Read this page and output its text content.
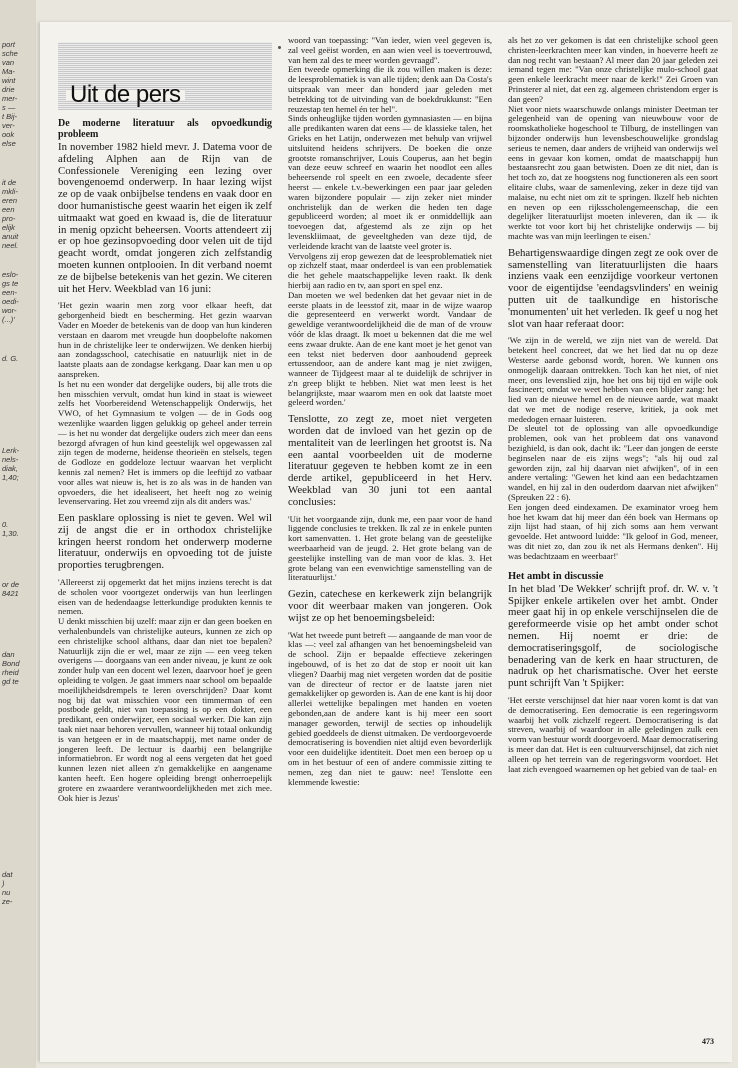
port
sche
van
Ma-
wint
drie
mer-
s —
t Bij-
ver-
ook
else
it de
mkli-
eren
een
pro-
elijk
anuit
neel.
eslo-
gs te
een-
oedi-
wor-
(...)'
d. G.
Lerk-
nels-
diak,
1,40;
0.
1,30.
or de
8421
dan
Bond
rheid
gd te
dat
)
nu
ze-
Uit de pers
De moderne literatuur als opvoedkundig probleem

In november 1982 hield mevr. J. Datema voor de afdeling Alphen aan de Rijn van de Confessionele Vereniging een lezing over bovengenoemd onderwerp. In haar lezing wijst ze op de vaak onbijbelse tendens en vaak door en door humanistische geest waarin het eigen ik zelf uitmaakt wat goed en kwaad is, die de literatuur in menig opzicht beheersen. Voorts attendeert zij er op hoe gezinsopvoeding door velen uit de tijd geacht wordt, omdat jongeren zich zelfstandig moeten kunnen ontplooien. In dit verband noemt ze de bijbelse betekenis van het gezin. We citeren uit het Herv. Weekblad van 16 juni:

'Het gezin waarin men zorg voor elkaar heeft, dat geborgenheid biedt en bescherming. Het gezin waarvan Vader en Moeder de betekenis van de doop van hun kinderen verstaan en daarom met vreugde hun doopbelofte nakomen hun in de christelijke leer te onderwijzen. We denken hierbij aan zondagsschool, catechisatie en natuurlijk niet in de laatste plaats aan de zondagse kerkgang. Daar kan men u op aanspreken.
Is het nu een wonder dat dergelijke ouders, bij alle trots die hen misschien vervult, omdat hun kind in staat is wieweet zelfs het Voorbereidend Wetenschappelijk Onderwijs, het VWO, of het Gymnasium te volgen — de in Gods oog wezenlijke waarden liggen gelukkig op geheel ander terrein — is het nu wonder dat dergelijke ouders zich meer dan eens bezorgd afvragen of hun kind geestelijk wel opgewassen zal zijn tegen de moderne, heidense theorieën en stelsels, tegen de Godloze en goddeloze lectuur waarvan het verplicht kennis zal nemen? Het is immers op die leeftijd zo vatbaar voor alles wat nieuw is, het is zo als was in de handen van opvoeders, die het idealiseert, het heeft nog zo weinig levenservaring. Het zou vreemd zijn als dit anders was.'

Een pasklare oplossing is niet te geven. Wel wil zij de angst die er in orthodox christelijke kringen heerst rondom het onderwerp moderne literatuur, onderwijs en opvoeding tot de juiste proporties terugbrengen.

'Allereerst zij opgemerkt dat het mijns inziens terecht is dat de scholen voor voortgezet onderwijs van hun leerlingen eisen van de hedendaagse letterkundige produkten kennis te nemen.
U denkt misschien bij uzelf: maar zijn er dan geen boeken en verhalenbundels van christelijke auteurs, kunnen ze zich op een christelijke school althans, daar dan niet toe bepalen? Natuurlijk zijn die er wel, maar ze zijn — een veeg teken overigens — doorgaans van een ander niveau, je kunt ze ook zonder hulp van een docent wel lezen, daarvoor hoef je geen opleiding te volgen. Je gaat immers naar school om bepaalde moeilijkheidsdrempels te leren overschrijden? Daar komt nog bij dat wat misschien voor een timmerman of een postbode geldt, niet van toepassing is op een dokter, een predikant, een onderwijzer, een sociaal werker. Die kan zijn taak niet naar behoren vervullen, wanneer hij totaal onkundig is van hetgeen er in de maatschappij, met name onder de jongeren leeft. De lectuur is daarbij een belangrijke informatiebron. Er wordt nog al eens vergeten dat het goed kunnen lezen niet alleen z'n gemakkelijke en aangename kanten heeft. Een hogere opleiding brengt onherroepelijk grotere en zwaardere verantwoordelijkheden met zich mee. Ook hier is Jezus'

woord van toepassing: "Van ieder, wien veel gegeven is, zal veel geëist worden, en aan wien veel is toevertrouwd, van hem zal des te meer worden gevraagd".
Een tweede opmerking die ik zou willen maken is deze: de leesproblematiek is van alle tijden; denk aan Da Costa's uitspraak van meer dan honderd jaar geleden met betrekking tot de uitvinding van de boekdrukkunst: "Een reuzestap ten hemel én ter hel".
Sinds onheuglijke tijden worden gymnasiasten — en bijna alle predikanten waren dat eens — de klassieke talen, het Grieks en het Latijn, onderwezen met behulp van vrijwel uitsluitend heidens schrijvers. De boeken die onze grootste romanschrijver, Louis Couperus, aan het begin van deze eeuw schreef en waarin het noodlot een alles beheersende rol speelt en een zwoele, decadente sfeer heerst — enkele t.v.-bewerkingen een paar jaar geleden waren bijzondere populair — zijn zeker niet minder onchristelijk dan de werken die heden ten dage gepubliceerd worden; al moet ik er onmiddellijk aan toevoegen dat, afgestemd als ze zijn op het levenskliimaat, de geveeltgheden van deze tijd, de verleidende kracht van de laatste veel groter is.
Vervolgens zij erop gewezen dat de leesproblematiek niet op zichzelf staat, maar onderdeel is van een problematiek die het gehele maatschappelijke leven raakt. Ik denk hierbij aan radio en tv, aan sport en spel enz.
Dan moeten we wel bedenken dat het gevaar niet in de eerste plaats in de leesstof zit, maar in de wijze waarop die gepresenteerd en verwerkt wordt. Vandaar de geweldige verantwoordelijkheid die de man of de vrouw vóór de klas draagt. Ik moet u bekennen dat die me wel eens zwaar drukte. Aan de ene kant moet je het genot van een tekst niet bederven door aanhoudend gepreek ertussendoor, aan de andere kant mag je niet zwijgen, wanneer de Tijdgeest maar al te duidelijk de schrijver in z'n greep blijkt te hebben. Niet wat men leest is het belangrijkste, maar waarom men en ook dat laatste moet geleerd worden.'

Tenslotte, zo zegt ze, moet niet vergeten worden dat de invloed van het gezin op de mentaliteit van de leerlingen het grootst is. Na een aantal voorbeelden uit de moderne literatuur gegeven te hebben komt ze in een derde artikel, gepubliceerd in het Herv. Weekblad van 30 juni tot een aantal conclusies:

'Uit het voorgaande zijn, dunk me, een paar voor de hand liggende conclusies te trekken. Ik zal ze in enkele punten kort samenvatten. 1. Het grote belang van de geestelijke weerbaarheid van de jeugd. 2. Het grote belang van de geestelijke instelling van de man voor de klas. 3. Het grote belang van een evenwichtige samenstelling van de literatuurlijst.'

Gezin, catechese en kerkewerk zijn belangrijk voor dit weerbaar maken van jongeren. Ook wijst ze op het benoemingsbeleid:

'Wat het tweede punt betreft — aangaande de man voor de klas —: veel zal afhangen van het benoemingsbeleid van de school. Zijn er bepaalde effectieve zekeringen ingebouwd, of is het zo dat de stop er nooit uit kan vliegen? Daarbij mag niet vergeten worden dat de positie van de directeur of rector er de laatste jaren niet gemakkelijker op geworden is. Aan de ene kant is hij door allerlei wettelijke bepalingen met handen en voeten gebonden,aan de andere kant is hij meer een soort manager geworden, terwijl de secties op inhoudelijk gebied goeddeels de dienst uitmaken. De verdoorgevoerde democratisering is bovendien niet altijd even bevorderlijk voor een duidelijke identiteit. Doet men een beroep op u om in het bestuur of een of andere commissie zitting te nemen, zeg dan niet te gauw: nee! Tenslotte een klemmende kwestie:

als het zo ver gekomen is dat een christelijke school geen christen-leerkrachten meer kan vinden, in hoeverre heeft ze dan nog recht van bestaan? Al meer dan 20 jaar geleden zei iemand tegen me: "Van onze christelijke mulo-school gaat geen enkele leerkracht meer naar de kerk!" Zei Groen van Prinsterer al niet, dat een zg. algemeen christendom erger is dan geen?
Niet voor niets waarschuwde onlangs minister Deetman ter gelegenheid van de opening van nieuwbouw voor de roomskatholieke hogeschool te Tilburg, de instellingen van bijzonder onderwijs hun levensbeschouwelijke grondslag serieus te nemen, daar anders de vrijheid van onderwijs wel eens in gevaar kon komen, omdat de maatschappij hun bestaansrecht zou gaan betwisten. Doen ze dit niet, dan is het toch zo, dat ze hoogstens nog functioneren als een soort elitaire clubs, waar de samenleving, zeker in deze tijd van malaise, nu echt niet om zit te springen. Ikzelf heb nichten en neven op een rijksscholengemeenschap, die een degelijker literatuurlijst moeten inleveren, dan ik — ik werkte tot voor kort bij het christelijke onderwijs — bij machte was van mijn leerlingen te eisen.'

Behartigenswaardige dingen zegt ze ook over de samenstelling van literatuurlijsten die haars inziens vaak een eenzijdige voorkeur vertonen voor de eigentijdse 'eendagsvlinders' en weinig putten uit de taalkundige en historische 'monumenten' uit het verleden. Ik geef u nog het slot van haar referaat door:

'We zijn in de wereld, we zijn niet van de wereld. Dat betekent heel concreet, dat we het lied dat nu op deze Westerse aarde gebonsd wordt, horen. We kunnen ons onmogelijk daaraan onttrekken. Toch kan het niet, of niet meer, ons levenslied zijn, hoe het ons bij tijd en wijle ook fascineert; omdat we weet hebben van een blijder zang: het lied van de nieuwe hemel en de nieuwe aarde, wat maakt dat we met de nodige reserve, kritiek, ja ook met mededogen ernaar luisteren.
De sleutel tot de oplossing van alle opvoedkundige problemen, ook van het probleem dat ons vanavond bezighield, is dan ook, dacht ik: "Leer dan jongen de eerste beginselen naar de eis zijns wegs"; "als hij oud zal geworden zijn, zal hij daarvan niet afwijken", of in een andere vertaling: "Gewen het kind aan een bedachtzamen wandel, en hij zal in den ouderdom daarvan niet afwijken" (Spreuken 22 : 6).
Een jongen deed eindexamen. De examinator vroeg hem hoe het kwam dat hij meer dan één boek van Hermans op zijn lijst had staan, of hij zich soms aan hem verwant gevoelde. Het antwoord luidde: "Ik geloof in God, meneer, was dit niet zo, dan zou ik net als Hermans denken". Hij was bedachtzaam en weerbaar!'

Het ambt in discussie

In het blad 'De Wekker' schrijft prof. dr. W. v. 't Spijker enkele artikelen over het ambt. Onder meer gaat hij in op enkele verschijnselen die de gereformeerde visie op het ambt onder schot nemen. Hij noemt er drie: de democratiseringsgolf, de sociologische benadering van de kerk en haar structuren, de nadruk op het charismatische. Over het eerste punt schrijft Van 't Spijker:

'Het eerste verschijnsel dat hier naar voren komt is dat van de democratisering. Een democratie is een regeringsvorm waarbij het volk zichzelf regeert. Democratisering is dat streven, waarbij of waardoor in alle geledingen zulk een vorm van bestuur wordt doorgevoerd. Maar democratisering is meer dan dat. Het is een cultuurverschijnsel, dat zich niet alleen op het terrein van de regeringsvorm voordoet. Het laat zich evengoed waarnemen op het gebied van de taal- en

473
